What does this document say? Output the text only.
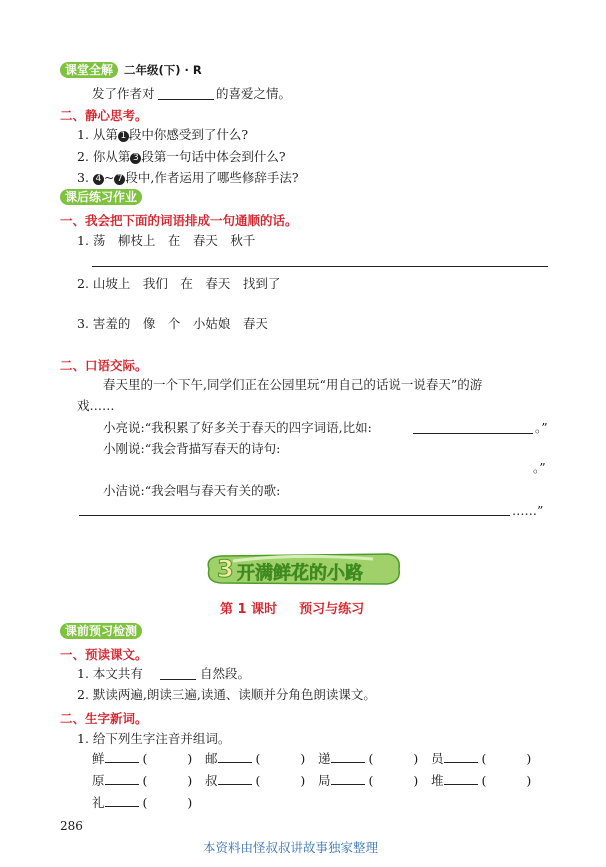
课堂全解 二年级(下) · R
发了作者对	的喜爱之情。
二、静心思考。
1. 从第 1 段中你感受到了什么?
2. 你从第 3 段第一句话中体会到什么?
3. 4 ~ 7 段中,作者运用了哪些修辞手法?
课后练习作业
一、我会把下面的词语排成一句通顺的话。
1. 荡　柳枝上　在　春天　秋千
2. 山坡上　我们　在　春天　找到了
3. 害羞的　像　个　小姑娘　春天
二、口语交际。
春天里的一个下午,同学们正在公园里玩“用自己的话说一说春天”的游
戏……
小亮说:“我积累了好多关于春天的四字词语,比如:	。”
小刚说:“我会背描写春天的诗句:
。”
小洁说:“我会唱与春天有关的歌:
……”
3 开满鲜花的小路
第 1 课时 预习与练习
课前预习检测
一、预读课文。
1. 本文共有	自然段。
2. 默读两遍,朗读三遍,读通、读顺并分角色朗读课文。
二、生字新词。
1. 给下列生字注音并组词。
鲜	(	) 邮	(	) 递	(	) 员	(	)
原	(	) 叔	(	) 局	(	) 堆	(	)
礼	(	)
286
本资料由怪叔叔讲故事独家整理
